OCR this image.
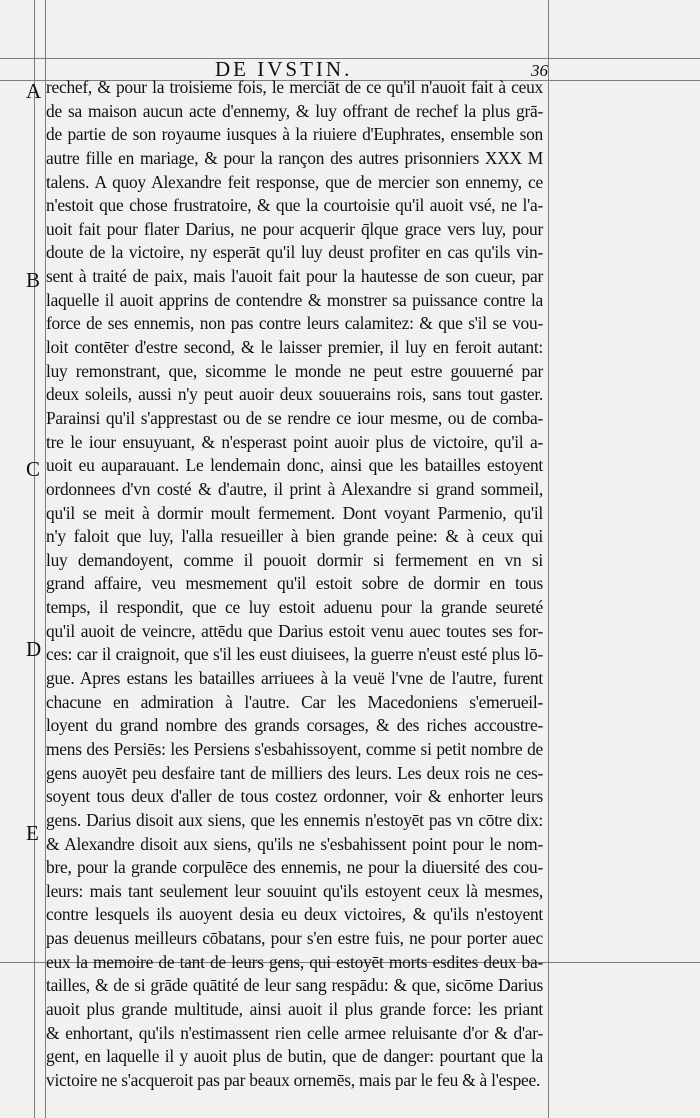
DE IVSTIN.	36
A
B
C
D
E
rechef, & pour la troisieme fois, le merciāt de ce qu'il n'auoit fait à ceux
de sa maison aucun acte d'ennemy, & luy offrant de rechef la plus grā-
de partie de son royaume iusques à la riuiere d'Euphrates, ensemble son
autre fille en mariage, & pour la rançon des autres prisonniers XXX M
talens. A quoy Alexandre feit response, que de mercier son ennemy, ce
n'estoit que chose frustratoire, & que la courtoisie qu'il auoit vsé, ne l'a-
uoit fait pour flater Darius, ne pour acquerir q̄lque grace vers luy, pour
doute de la victoire, ny esperāt qu'il luy deust profiter en cas qu'ils vin-
sent à traité de paix, mais l'auoit fait pour la hautesse de son cueur, par
laquelle il auoit apprins de contendre & monstrer sa puissance contre la
force de ses ennemis, non pas contre leurs calamitez: & que s'il se vou-
loit contēter d'estre second, & le laisser premier, il luy en feroit autant:
luy remonstrant, que, sicomme le monde ne peut estre gouuerné par
deux soleils, aussi n'y peut auoir deux souuerains rois, sans tout gaster.
Parainsi qu'il s'apprestast ou de se rendre ce iour mesme, ou de comba-
tre le iour ensuyuant, & n'esperast point auoir plus de victoire, qu'il a-
uoit eu auparauant. Le lendemain donc, ainsi que les batailles estoyent
ordonnees d'vn costé & d'autre, il print à Alexandre si grand sommeil,
qu'il se meit à dormir moult fermement. Dont voyant Parmenio, qu'il
n'y faloit que luy, l'alla resueiller à bien grande peine: & à ceux qui
luy demandoyent, comme il pouoit dormir si fermement en vn si
grand affaire, veu mesmement qu'il estoit sobre de dormir en tous
temps, il respondit, que ce luy estoit aduenu pour la grande seureté
qu'il auoit de veincre, attēdu que Darius estoit venu auec toutes ses for-
ces: car il craignoit, que s'il les eust diuisees, la guerre n'eust esté plus lō-
gue. Apres estans les batailles arriuees à la veuë l'vne de l'autre, furent
chacune en admiration à l'autre. Car les Macedoniens s'emerueil-
loyent du grand nombre des grands corsages, & des riches accoustre-
mens des Persiēs: les Persiens s'esbahissoyent, comme si petit nombre de
gens auoyēt peu desfaire tant de milliers des leurs. Les deux rois ne ces-
soyent tous deux d'aller de tous costez ordonner, voir & enhorter leurs
gens. Darius disoit aux siens, que les ennemis n'estoyēt pas vn cōtre dix:
& Alexandre disoit aux siens, qu'ils ne s'esbahissent point pour le nom-
bre, pour la grande corpulēce des ennemis, ne pour la diuersité des cou-
leurs: mais tant seulement leur souuint qu'ils estoyent ceux là mesmes,
contre lesquels ils auoyent desia eu deux victoires, & qu'ils n'estoyent
pas deuenus meilleurs cōbatans, pour s'en estre fuis, ne pour porter auec
eux la memoire de tant de leurs gens, qui estoyēt morts esdites deux ba-
tailles, & de si grāde quātité de leur sang respādu: & que, sicōme Darius
auoit plus grande multitude, ainsi auoit il plus grande force: les priant
& enhortant, qu'ils n'estimassent rien celle armee reluisante d'or & d'ar-
gent, en laquelle il y auoit plus de butin, que de danger: pourtant que la
victoire ne s'acqueroit pas par beaux ornemēs, mais par le feu & à l'espee.
